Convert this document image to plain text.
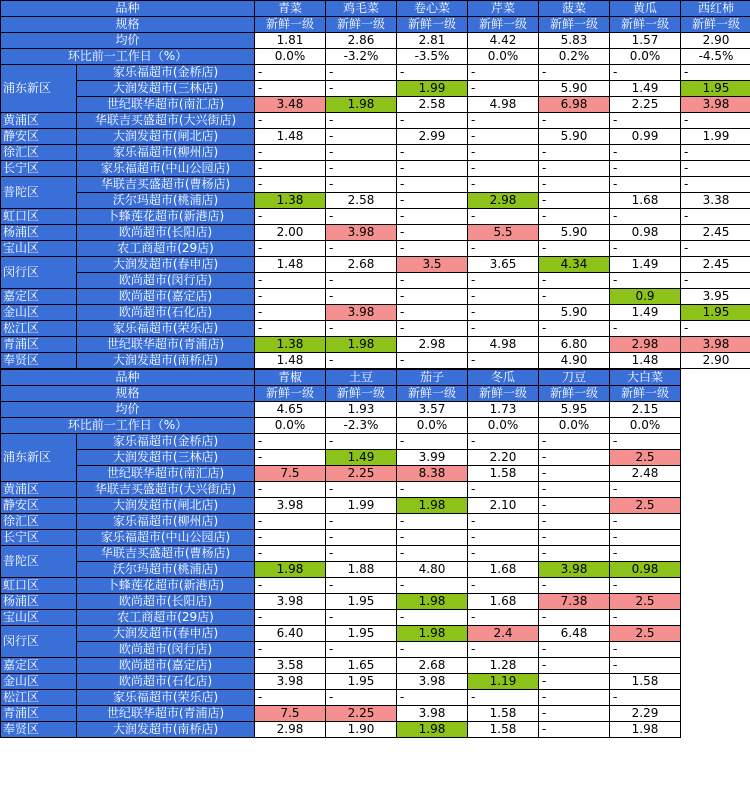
品种		青菜	鸡毛菜	卷心菜	芹菜	菠菜	黄瓜	西红柿
规格		新鲜一级	新鲜一级	新鲜一级	新鲜一级	新鲜一级	新鲜一级	新鲜一级
均价		1.81	2.86	2.81	4.42	5.83	1.57	2.90
环比前一工作日（%）		0.0%	-3.2%	-3.5%	0.0%	0.2%	0.0%	-4.5%
浦东新区	家乐福超市(金桥店)	-	-	-	-	-	-	-
	大润发超市(三林店)	-	-	1.99	-	5.90	1.49	1.95
	世纪联华超市(南汇店)	3.48	1.98	2.58	4.98	6.98	2.25	3.98
黄浦区	华联吉买盛超市(大兴街店)	-	-	-	-	-	-	-
静安区	大润发超市(闸北店)	1.48	-	2.99	-	5.90	0.99	1.99
徐汇区	家乐福超市(柳州店)	-	-	-	-	-	-	-
长宁区	家乐福超市(中山公园店)	-	-	-	-	-	-	-
普陀区	华联吉买盛超市(曹杨店)	-	-	-	-	-	-	-
	沃尔玛超市(桃浦店)	1.38	2.58	-	2.98	-	1.68	3.38
虹口区	卜蜂莲花超市(新港店)	-	-	-	-	-	-	-
杨浦区	欧尚超市(长阳店)	2.00	3.98	-	5.5	5.90	0.98	2.45
宝山区	农工商超市(29店)	-	-	-	-	-	-	-
闵行区	大润发超市(春申店)	1.48	2.68	3.5	3.65	4.34	1.49	2.45
	欧尚超市(闵行店)	-	-	-	-	-	-	-
嘉定区	欧尚超市(嘉定店)	-	-	-	-	-	0.9	3.95
金山区	欧尚超市(石化店)	-	3.98	-	-	5.90	1.49	1.95
松江区	家乐福超市(荣乐店)	-	-	-	-	-	-	-
青浦区	世纪联华超市(青浦店)	1.38	1.98	2.98	4.98	6.80	2.98	3.98
奉贤区	大润发超市(南桥店)	1.48	-	-	-	4.90	1.48	2.90
品种		青椒	土豆	茄子	冬瓜	刀豆	大白菜
规格		新鲜一级	新鲜一级	新鲜一级	新鲜一级	新鲜一级	新鲜一级
均价		4.65	1.93	3.57	1.73	5.95	2.15
环比前一工作日（%）		0.0%	-2.3%	0.0%	0.0%	0.0%	0.0%
浦东新区	家乐福超市(金桥店)	-	-	-	-	-	-
	大润发超市(三林店)	-	1.49	3.99	2.20	-	2.5
	世纪联华超市(南汇店)	7.5	2.25	8.38	1.58	-	2.48
黄浦区	华联吉买盛超市(大兴街店)	-	-	-	-	-	-
静安区	大润发超市(闸北店)	3.98	1.99	1.98	2.10	-	2.5
徐汇区	家乐福超市(柳州店)	-	-	-	-	-	-
长宁区	家乐福超市(中山公园店)	-	-	-	-	-	-
普陀区	华联吉买盛超市(曹杨店)	-	-	-	-	-	-
	沃尔玛超市(桃浦店)	1.98	1.88	4.80	1.68	3.98	0.98
虹口区	卜蜂莲花超市(新港店)	-	-	-	-	-	-
杨浦区	欧尚超市(长阳店)	3.98	1.95	1.98	1.68	7.38	2.5
宝山区	农工商超市(29店)	-	-	-	-	-	-
闵行区	大润发超市(春申店)	6.40	1.95	1.98	2.4	6.48	2.5
	欧尚超市(闵行店)	-	-	-	-	-	-
嘉定区	欧尚超市(嘉定店)	3.58	1.65	2.68	1.28	-	-
金山区	欧尚超市(石化店)	3.98	1.95	3.98	1.19	-	1.58
松江区	家乐福超市(荣乐店)	-	-	-	-	-	-
青浦区	世纪联华超市(青浦店)	7.5	2.25	3.98	1.58	-	2.29
奉贤区	大润发超市(南桥店)	2.98	1.90	1.98	1.58	-	1.98
